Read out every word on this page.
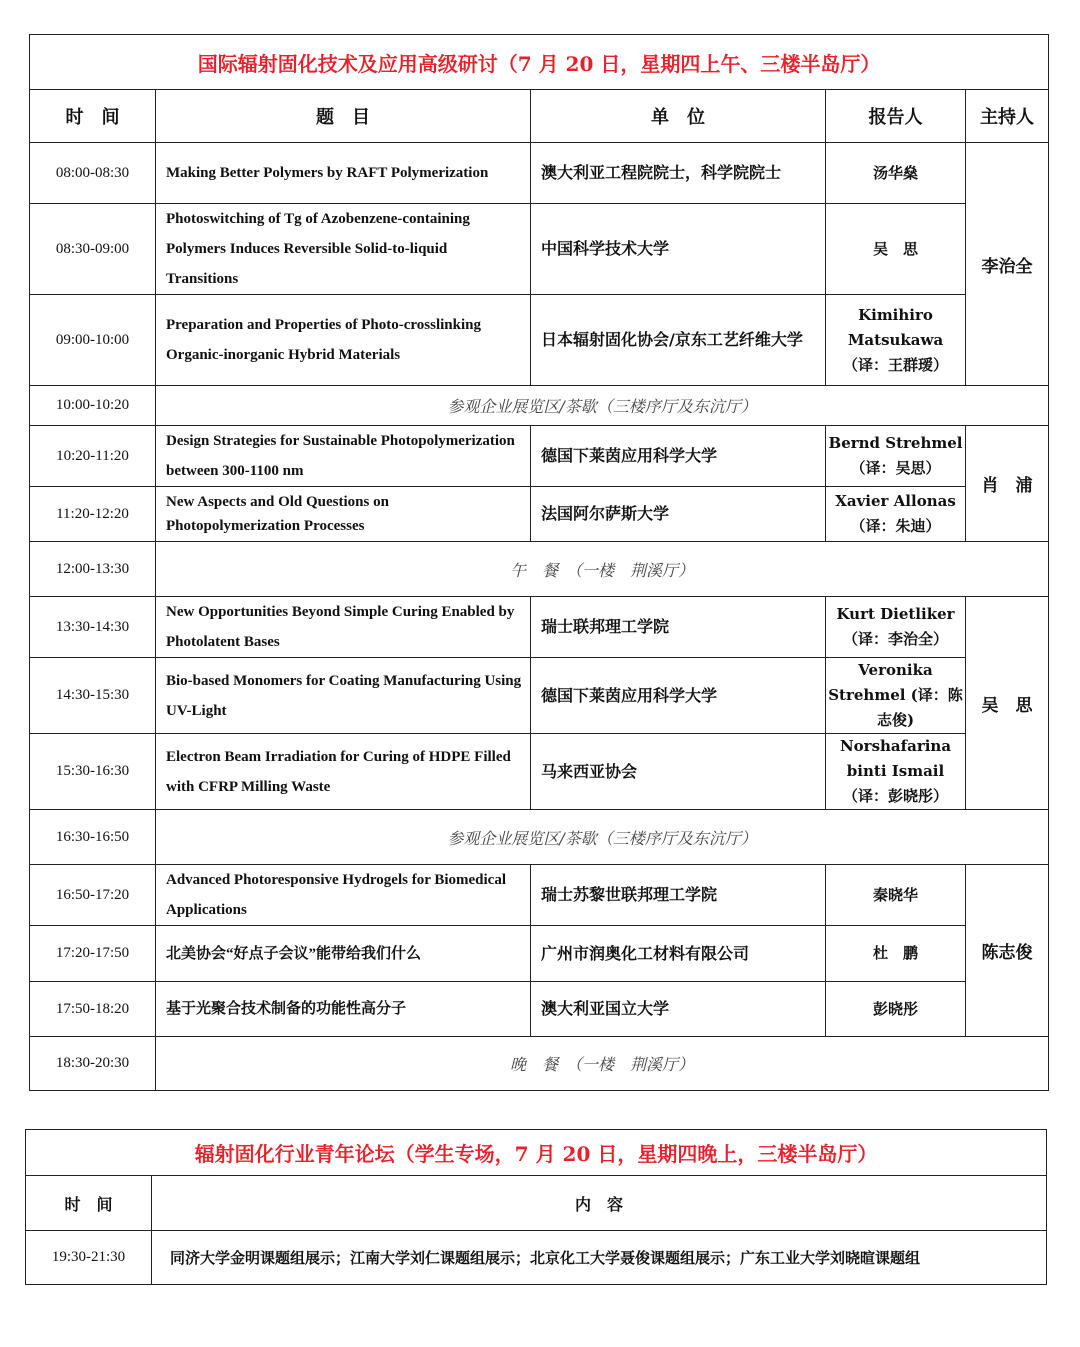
国际辐射固化技术及应用高级研讨（7 月 20 日，星期四上午、三楼半岛厅）				
时　间	题　目	单　位	报告人	主持人
08:00-08:30	Making Better Polymers by RAFT Polymerization	澳大利亚工程院院士，科学院院士	汤华燊	李治全
08:30-09:00	Photoswitching of Tg of Azobenzene-containing Polymers Induces Reversible Solid-to-liquid Transitions	中国科学技术大学	吴　思	
09:00-10:00	Preparation and Properties of Photo-crosslinking Organic-inorganic Hybrid Materials	日本辐射固化协会/京东工艺纤维大学	Kimihiro Matsukawa（译：王群瑷）	
10:00-10:20	参观企业展览区/茶歇（三楼序厅及东沆厅）			
10:20-11:20	Design Strategies for Sustainable Photopolymerization between 300-1100 nm	德国下莱茵应用科学大学	Bernd Strehmel（译：吴思）	肖　浦
11:20-12:20	New Aspects and Old Questions on Photopolymerization Processes	法国阿尔萨斯大学	Xavier Allonas（译：朱迪）	
12:00-13:30	午　餐　（一楼　荆溪厅）			
13:30-14:30	New Opportunities Beyond Simple Curing Enabled by Photolatent Bases	瑞士联邦理工学院	Kurt Dietliker（译：李治全）	吴　思
14:30-15:30	Bio-based Monomers for Coating Manufacturing Using UV-Light	德国下莱茵应用科学大学	Veronika Strehmel (译：陈志俊)	
15:30-16:30	Electron Beam Irradiation for Curing of HDPE Filled with CFRP Milling Waste	马来西亚协会	Norshafarina binti Ismail（译：彭晓彤）	
16:30-16:50	参观企业展览区/茶歇（三楼序厅及东沆厅）			
16:50-17:20	Advanced Photoresponsive Hydrogels for Biomedical Applications	瑞士苏黎世联邦理工学院	秦晓华	陈志俊
17:20-17:50	北美协会“好点子会议”能带给我们什么	广州市润奥化工材料有限公司	杜　鹏	
17:50-18:20	基于光聚合技术制备的功能性高分子	澳大利亚国立大学	彭晓彤	
18:30-20:30	晚　餐　（一楼　荆溪厅）			
辐射固化行业青年论坛（学生专场，7 月 20 日，星期四晚上，三楼半岛厅）	
时　间	内　容
19:30-21:30	同济大学金明课题组展示；江南大学刘仁课题组展示；北京化工大学聂俊课题组展示；广东工业大学刘晓暄课题组
